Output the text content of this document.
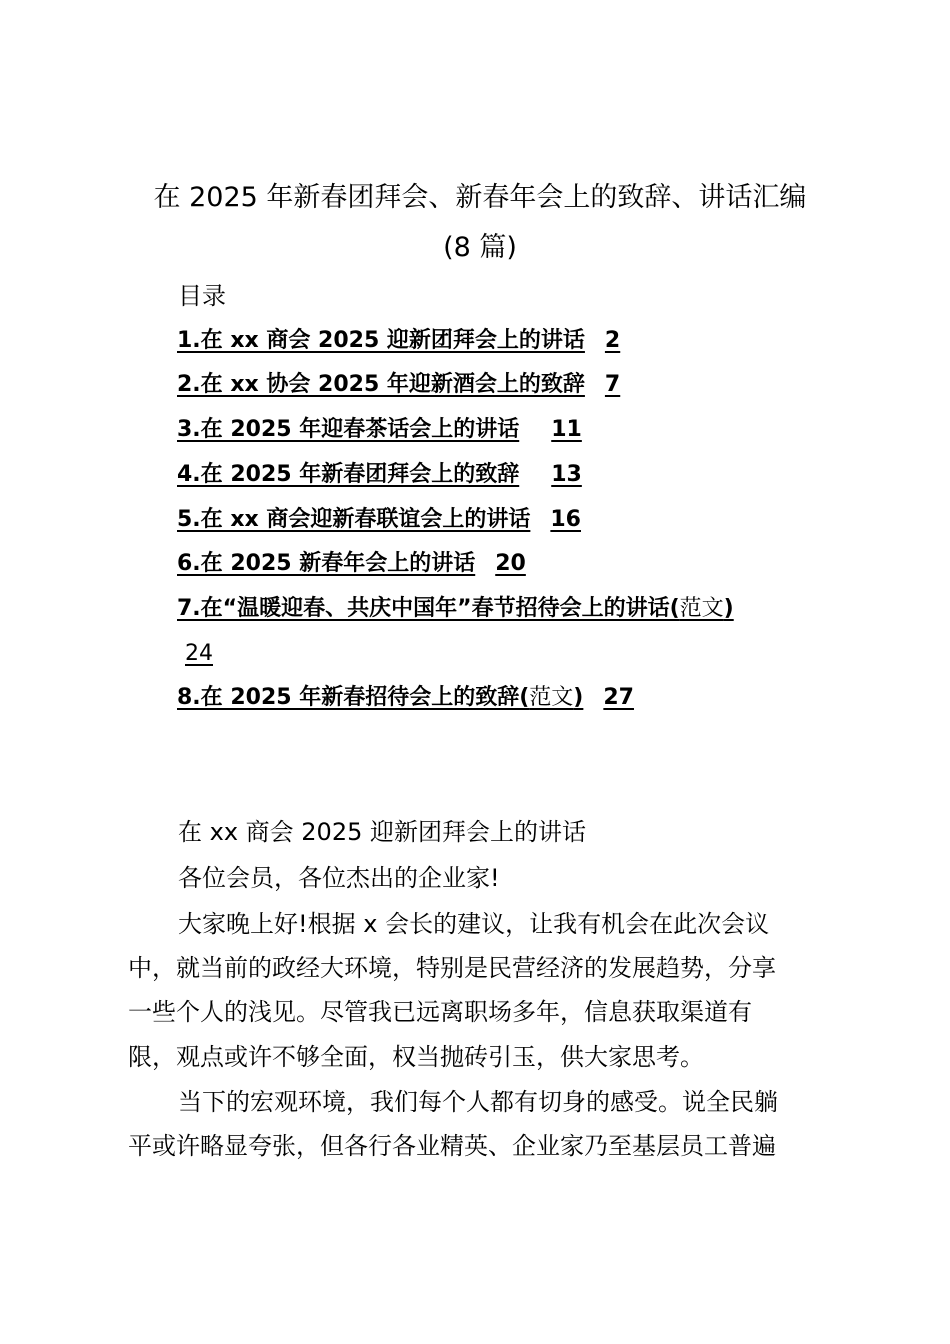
在 2025 年新春团拜会、新春年会上的致辞、讲话汇编
(8 篇)
目录
1.在 xx 商会 2025 迎新团拜会上的讲话 2
2.在 xx 协会 2025 年迎新酒会上的致辞 7
3.在 2025 年迎春茶话会上的讲话 11
4.在 2025 年新春团拜会上的致辞 13
5.在 xx 商会迎新春联谊会上的讲话 16
6.在 2025 新春年会上的讲话 20
7.在“温暖迎春、共庆中国年”春节招待会上的讲话(范文)
24
8.在 2025 年新春招待会上的致辞(范文) 27

在 xx 商会 2025 迎新团拜会上的讲话

各位会员，各位杰出的企业家!

大家晚上好!根据 x 会长的建议，让我有机会在此次会议

中，就当前的政经大环境，特别是民营经济的发展趋势，分享

一些个人的浅见。尽管我已远离职场多年，信息获取渠道有

限，观点或许不够全面，权当抛砖引玉，供大家思考。

当下的宏观环境，我们每个人都有切身的感受。说全民躺

平或许略显夸张，但各行各业精英、企业家乃至基层员工普遍
